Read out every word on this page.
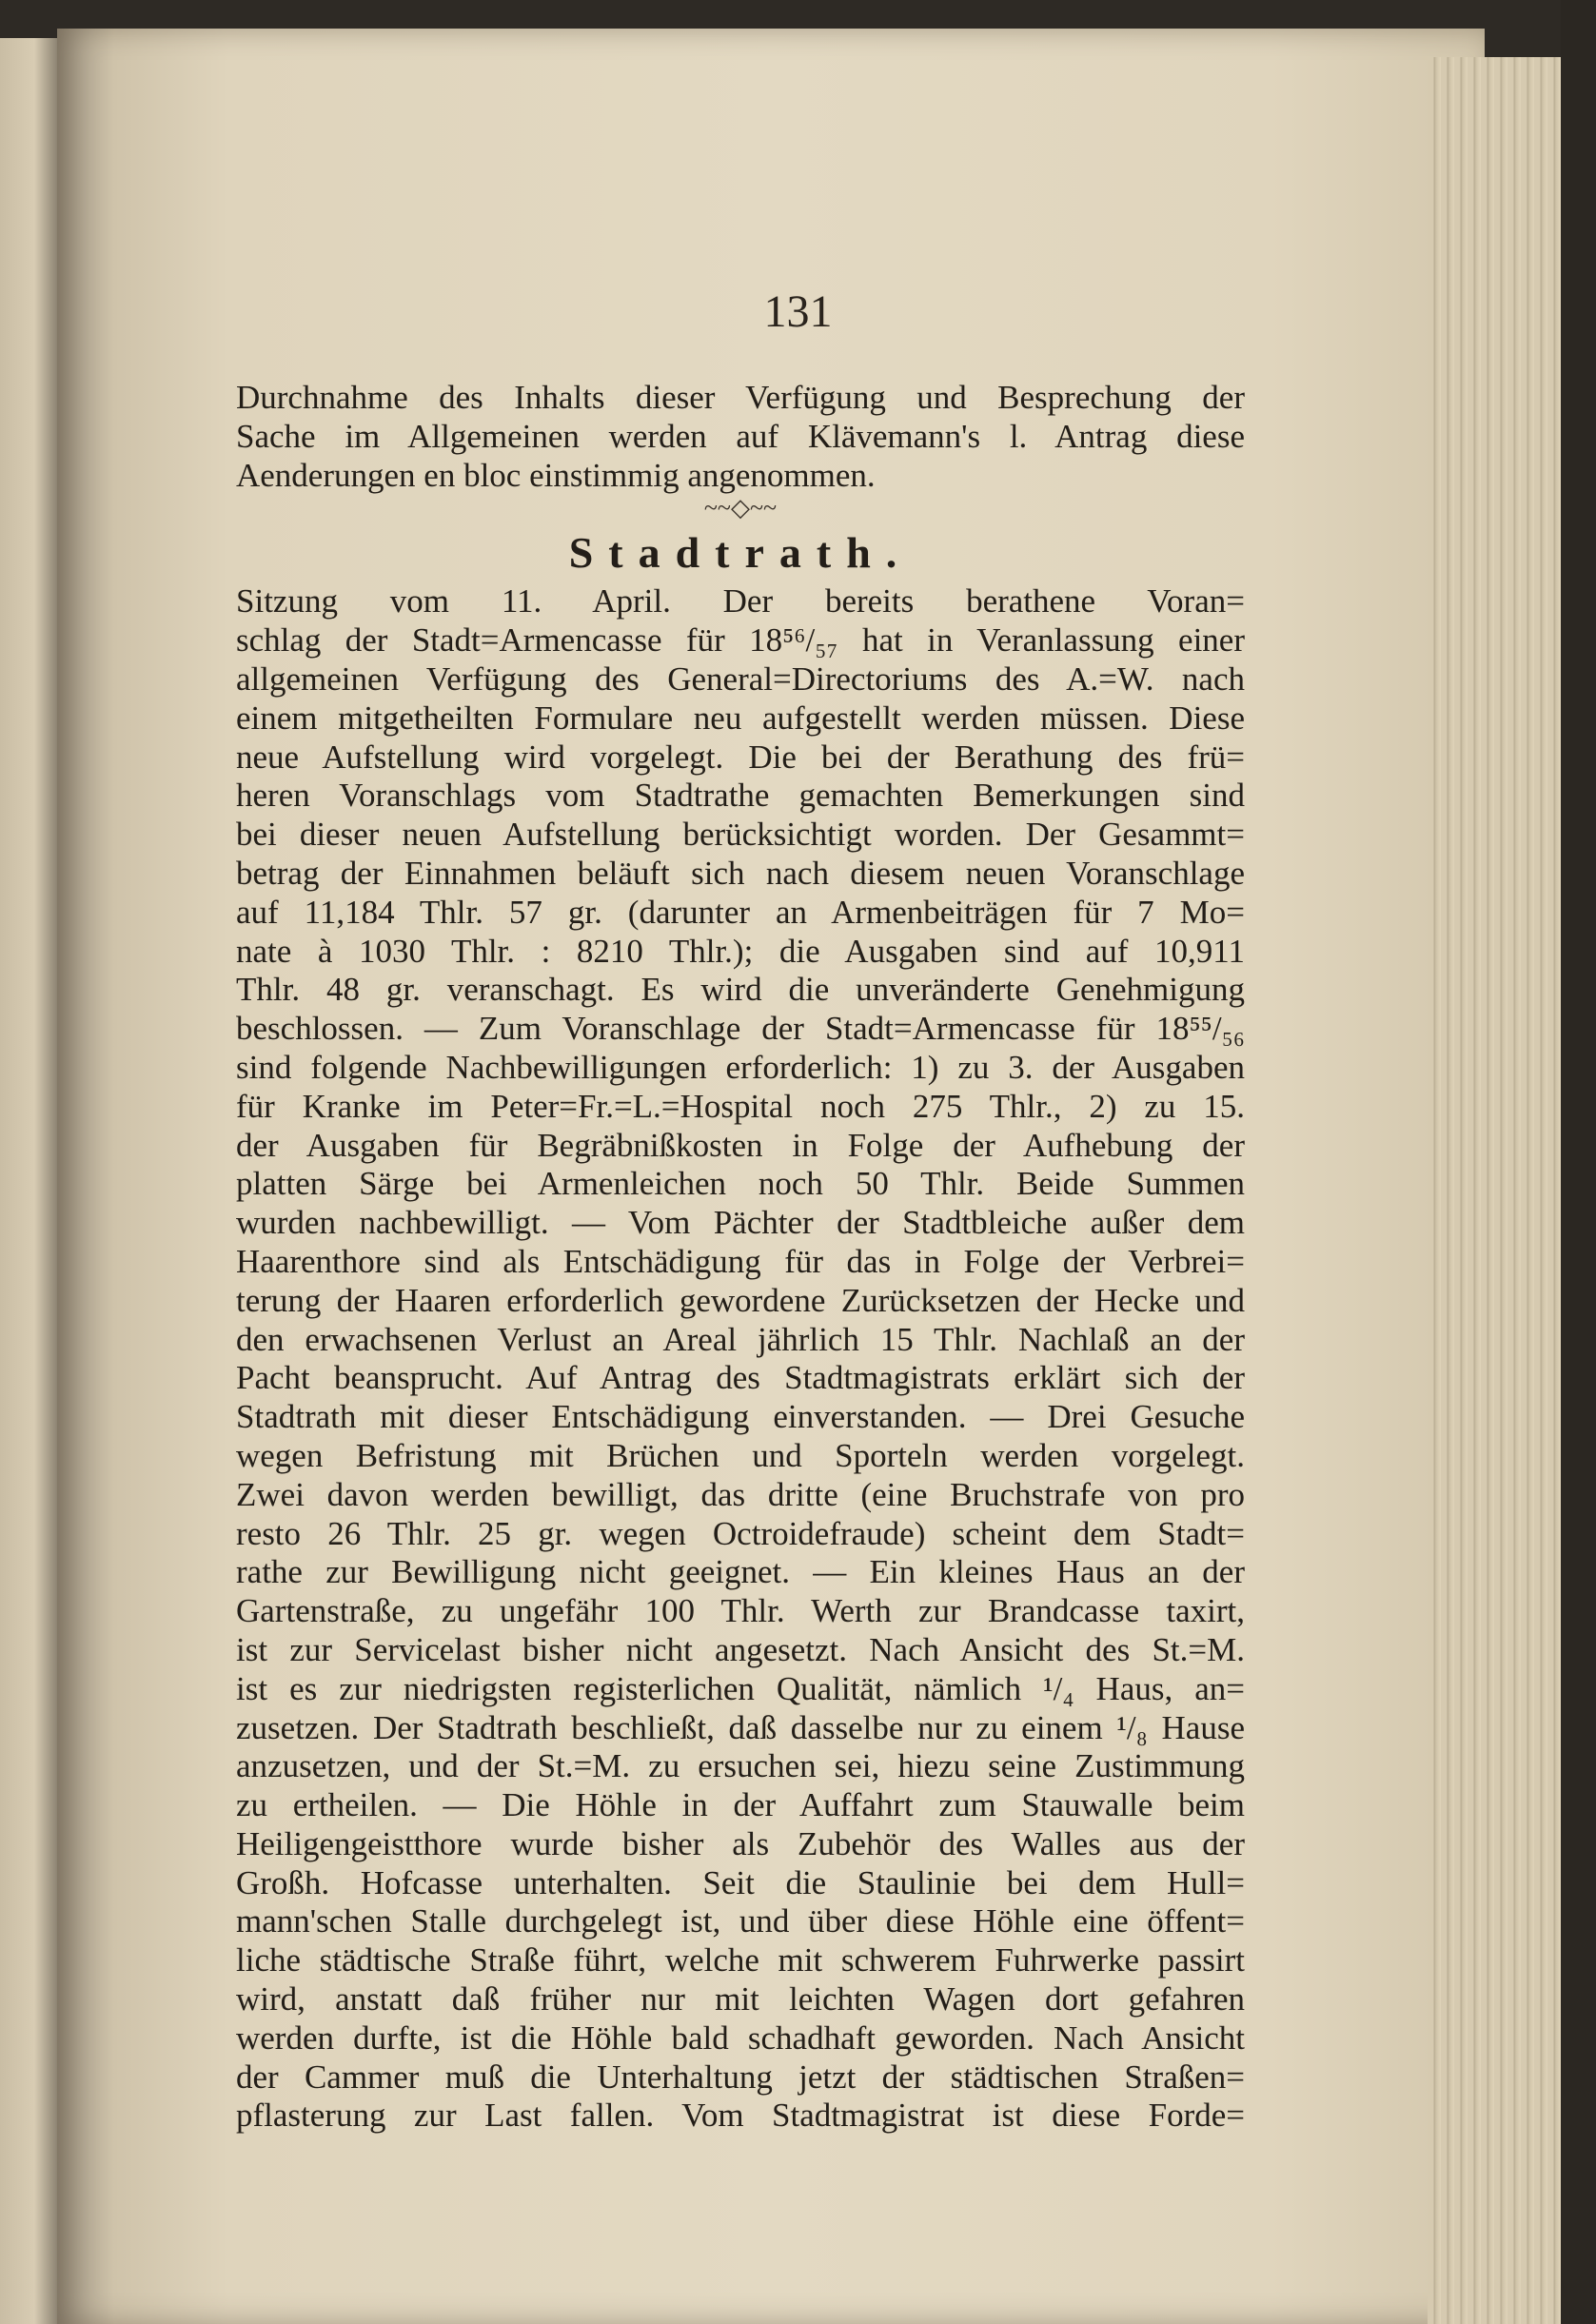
131

Durchnahme des Inhalts dieser Verfügung und Besprechung der

Sache im Allgemeinen werden auf Klävemann's l. Antrag diese

Aenderungen en bloc einstimmig angenommen.

~~◇~~
Stadtrath.

Sitzung vom 11. April. Der bereits berathene Voran=

schlag der Stadt=Armencasse für 18⁵⁶/₅₇ hat in Veranlassung einer

allgemeinen Verfügung des General=Directoriums des A.=W. nach

einem mitgetheilten Formulare neu aufgestellt werden müssen. Diese

neue Aufstellung wird vorgelegt. Die bei der Berathung des frü=

heren Voranschlags vom Stadtrathe gemachten Bemerkungen sind

bei dieser neuen Aufstellung berücksichtigt worden. Der Gesammt=

betrag der Einnahmen beläuft sich nach diesem neuen Voranschlage

auf 11,184 Thlr. 57 gr. (darunter an Armenbeiträgen für 7 Mo=

nate à 1030 Thlr. : 8210 Thlr.); die Ausgaben sind auf 10,911

Thlr. 48 gr. veranschagt. Es wird die unveränderte Genehmigung

beschlossen. — Zum Voranschlage der Stadt=Armencasse für 18⁵⁵/₅₆

sind folgende Nachbewilligungen erforderlich: 1) zu 3. der Ausgaben

für Kranke im Peter=Fr.=L.=Hospital noch 275 Thlr., 2) zu 15.

der Ausgaben für Begräbnißkosten in Folge der Aufhebung der

platten Särge bei Armenleichen noch 50 Thlr. Beide Summen

wurden nachbewilligt. — Vom Pächter der Stadtbleiche außer dem

Haarenthore sind als Entschädigung für das in Folge der Verbrei=

terung der Haaren erforderlich gewordene Zurücksetzen der Hecke und

den erwachsenen Verlust an Areal jährlich 15 Thlr. Nachlaß an der

Pacht beansprucht. Auf Antrag des Stadtmagistrats erklärt sich der

Stadtrath mit dieser Entschädigung einverstanden. — Drei Gesuche

wegen Befristung mit Brüchen und Sporteln werden vorgelegt.

Zwei davon werden bewilligt, das dritte (eine Bruchstrafe von pro

resto 26 Thlr. 25 gr. wegen Octroidefraude) scheint dem Stadt=

rathe zur Bewilligung nicht geeignet. — Ein kleines Haus an der

Gartenstraße, zu ungefähr 100 Thlr. Werth zur Brandcasse taxirt,

ist zur Servicelast bisher nicht angesetzt. Nach Ansicht des St.=M.

ist es zur niedrigsten registerlichen Qualität, nämlich ¹/₄ Haus, an=

zusetzen. Der Stadtrath beschließt, daß dasselbe nur zu einem ¹/₈ Hause

anzusetzen, und der St.=M. zu ersuchen sei, hiezu seine Zustimmung

zu ertheilen. — Die Höhle in der Auffahrt zum Stauwalle beim

Heiligengeistthore wurde bisher als Zubehör des Walles aus der

Großh. Hofcasse unterhalten. Seit die Staulinie bei dem Hull=

mann'schen Stalle durchgelegt ist, und über diese Höhle eine öffent=

liche städtische Straße führt, welche mit schwerem Fuhrwerke passirt

wird, anstatt daß früher nur mit leichten Wagen dort gefahren

werden durfte, ist die Höhle bald schadhaft geworden. Nach Ansicht

der Cammer muß die Unterhaltung jetzt der städtischen Straßen=

pflasterung zur Last fallen. Vom Stadtmagistrat ist diese Forde=
